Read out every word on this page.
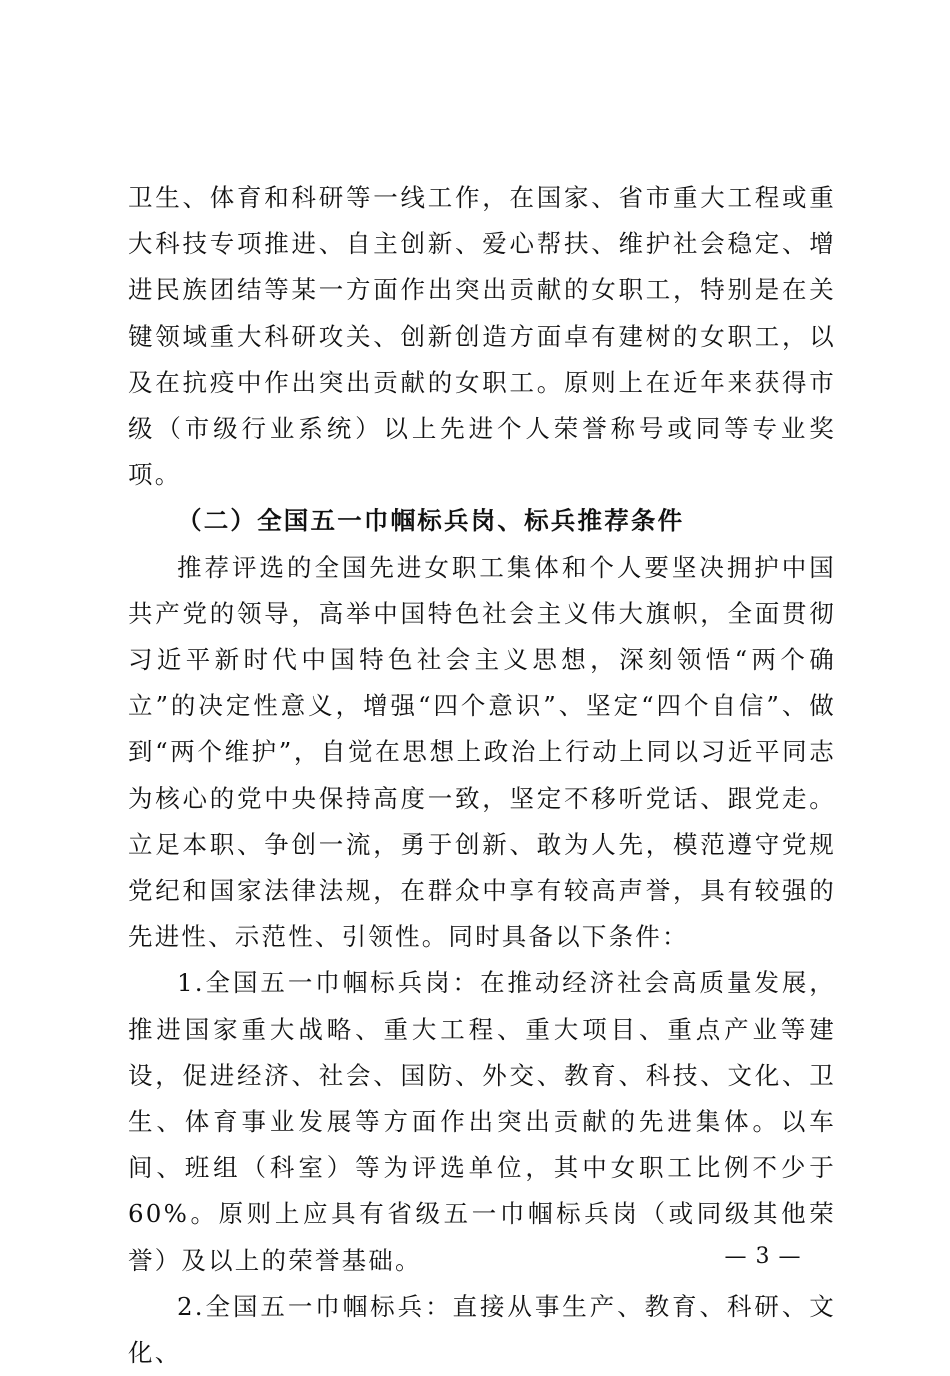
卫生、体育和科研等一线工作，在国家、省市重大工程或重大科技专项推进、自主创新、爱心帮扶、维护社会稳定、增进民族团结等某一方面作出突出贡献的女职工，特别是在关键领域重大科研攻关、创新创造方面卓有建树的女职工，以及在抗疫中作出突出贡献的女职工。原则上在近年来获得市级（市级行业系统）以上先进个人荣誉称号或同等专业奖项。

（二）全国五一巾帼标兵岗、标兵推荐条件

推荐评选的全国先进女职工集体和个人要坚决拥护中国共产党的领导，高举中国特色社会主义伟大旗帜，全面贯彻习近平新时代中国特色社会主义思想，深刻领悟“两个确立”的决定性意义，增强“四个意识”、坚定“四个自信”、做到“两个维护”，自觉在思想上政治上行动上同以习近平同志为核心的党中央保持高度一致，坚定不移听党话、跟党走。立足本职、争创一流，勇于创新、敢为人先，模范遵守党规党纪和国家法律法规，在群众中享有较高声誉，具有较强的先进性、示范性、引领性。同时具备以下条件：

1.全国五一巾帼标兵岗：在推动经济社会高质量发展，推进国家重大战略、重大工程、重大项目、重点产业等建设，促进经济、社会、国防、外交、教育、科技、文化、卫生、体育事业发展等方面作出突出贡献的先进集体。以车间、班组（科室）等为评选单位，其中女职工比例不少于60%。原则上应具有省级五一巾帼标兵岗（或同级其他荣誉）及以上的荣誉基础。

2.全国五一巾帼标兵：直接从事生产、教育、科研、文化、

— 3 —
